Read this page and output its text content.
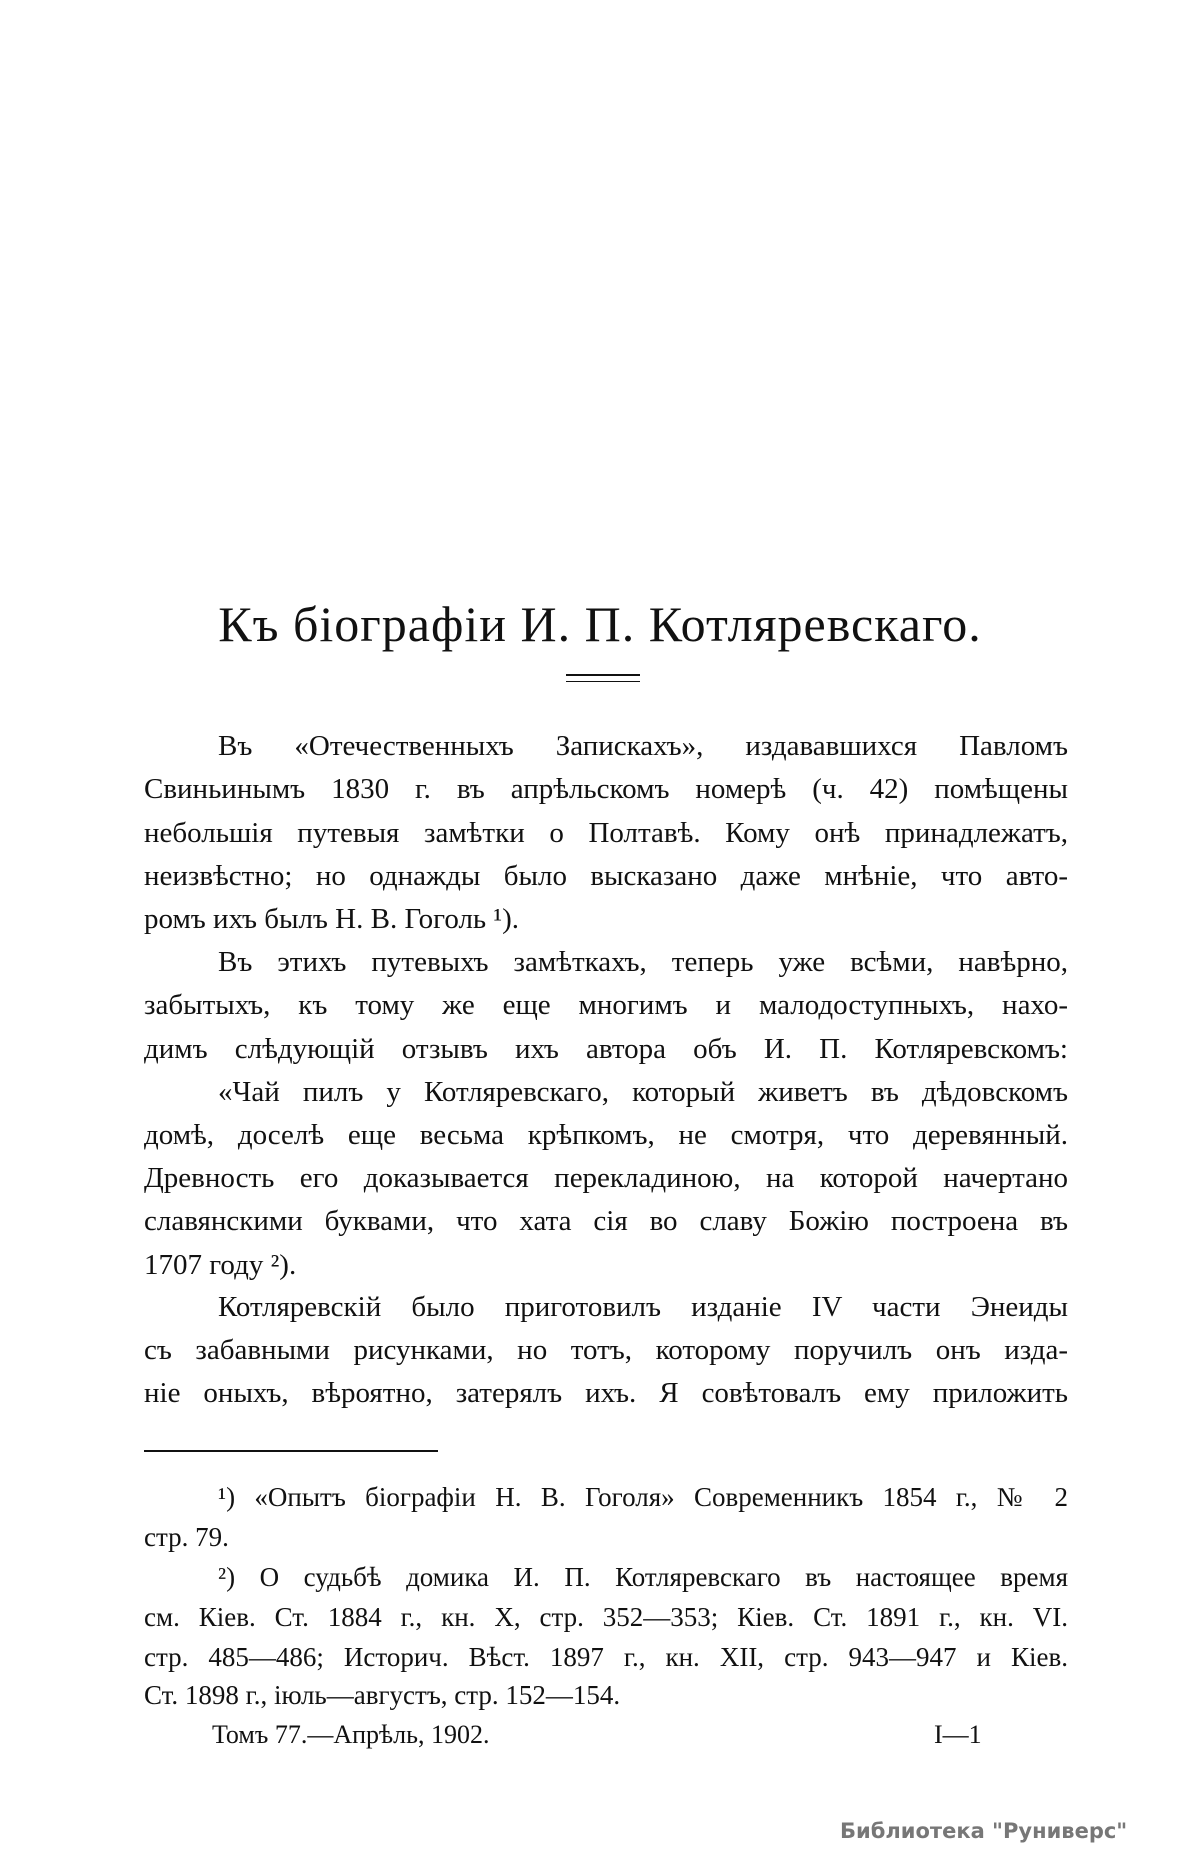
Къ біографіи И. П. Котляревскаго.
Въ «Отечественныхъ Запискахъ», издававшихся Павломъ
Свиньинымъ 1830 г. въ апрѣльскомъ номерѣ (ч. 42) помѣщены
небольшія путевыя замѣтки о Полтавѣ. Кому онѣ принадлежатъ,
неизвѣстно; но однажды было высказано даже мнѣніе, что авто-
ромъ ихъ былъ Н. В. Гоголь ¹).
Въ этихъ путевыхъ замѣткахъ, теперь уже всѣми, навѣрно,
забытыхъ, къ тому же еще многимъ и малодоступныхъ, нахо-
димъ слѣдующій отзывъ ихъ автора объ И. П. Котляревскомъ:
«Чай пилъ у Котляревскаго, который живетъ въ дѣдовскомъ
домѣ, доселѣ еще весьма крѣпкомъ, не смотря, что деревянный.
Древность его доказывается перекладиною, на которой начертано
славянскими буквами, что хата сія во славу Божію построена въ
1707 году ²).
Котляревскій было приготовилъ изданіе IV части Энеиды
съ забавными рисунками, но тотъ, которому поручилъ онъ изда-
ніе оныхъ, вѣроятно, затерялъ ихъ. Я совѣтовалъ ему приложить
¹) «Опытъ біографіи Н. В. Гоголя» Современникъ 1854 г., № 2
стр. 79.
²) О судьбѣ домика И. П. Котляревскаго въ настоящее время
см. Кіев. Ст. 1884 г., кн. X, стр. 352—353; Кіев. Ст. 1891 г., кн. VI.
стр. 485—486; Историч. Вѣст. 1897 г., кн. XII, стр. 943—947 и Кіев.
Ст. 1898 г., іюль—августъ, стр. 152—154.
Томъ 77.—Апрѣль, 1902.	I—1
Библиотека "Руниверс"
